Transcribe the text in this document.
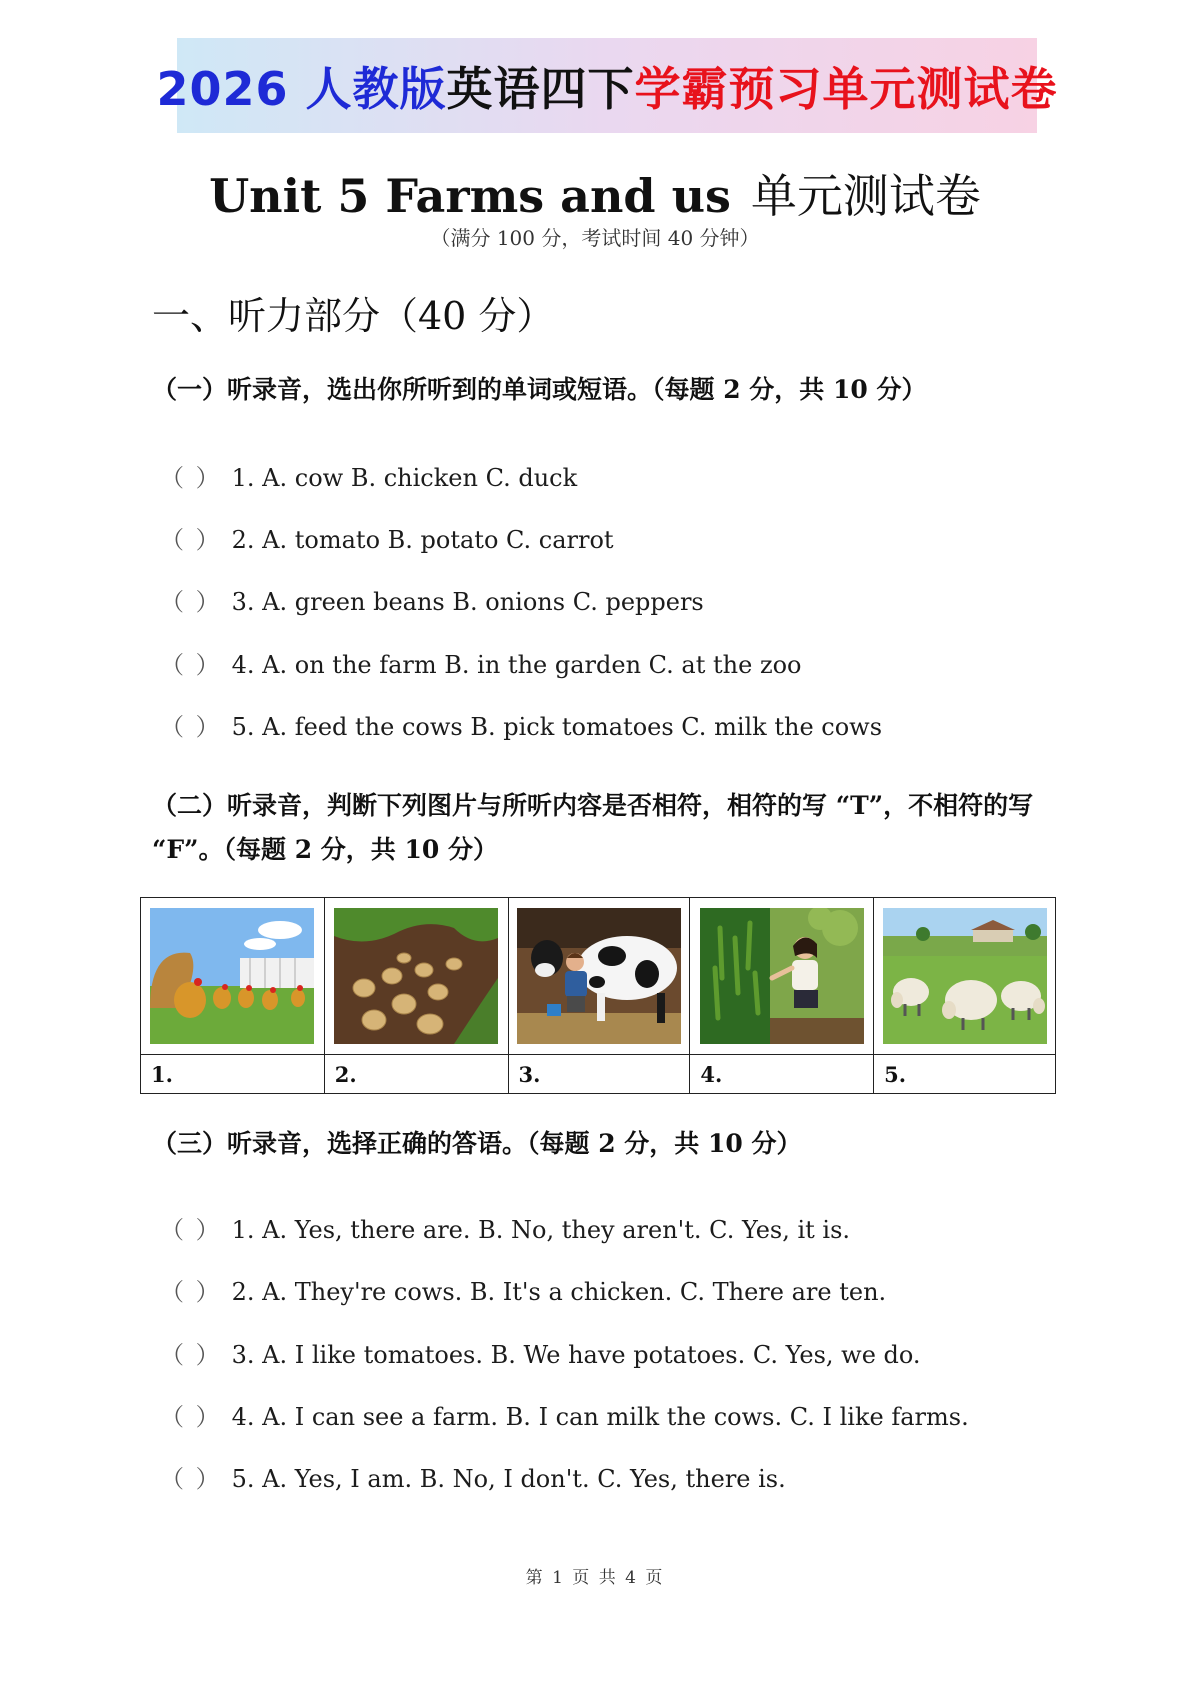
2026 人教版 英语四下 学霸预习单元测试卷
Unit 5 Farms and us 单元测试卷
（满分 100 分，考试时间 40 分钟）
一、听力部分（40 分）
（一）听录音，选出你所听到的单词或短语。（每题 2 分，共 10 分）
（ ） 1. A. cow B. chicken C. duck
（ ） 2. A. tomato B. potato C. carrot
（ ） 3. A. green beans B. onions C. peppers
（ ） 4. A. on the farm B. in the garden C. at the zoo
（ ） 5. A. feed the cows B. pick tomatoes C. milk the cows
（二）听录音，判断下列图片与所听内容是否相符，相符的写 “T”，不相符的写 “F”。（每题 2 分，共 10 分）

1.	2.	3.	4.	5.
（三）听录音，选择正确的答语。（每题 2 分，共 10 分）
（ ） 1. A. Yes, there are. B. No, they aren't. C. Yes, it is.
（ ） 2. A. They're cows. B. It's a chicken. C. There are ten.
（ ） 3. A. I like tomatoes. B. We have potatoes. C. Yes, we do.
（ ） 4. A. I can see a farm. B. I can milk the cows. C. I like farms.
（ ） 5. A. Yes, I am. B. No, I don't. C. Yes, there is.
第 1 页 共 4 页
